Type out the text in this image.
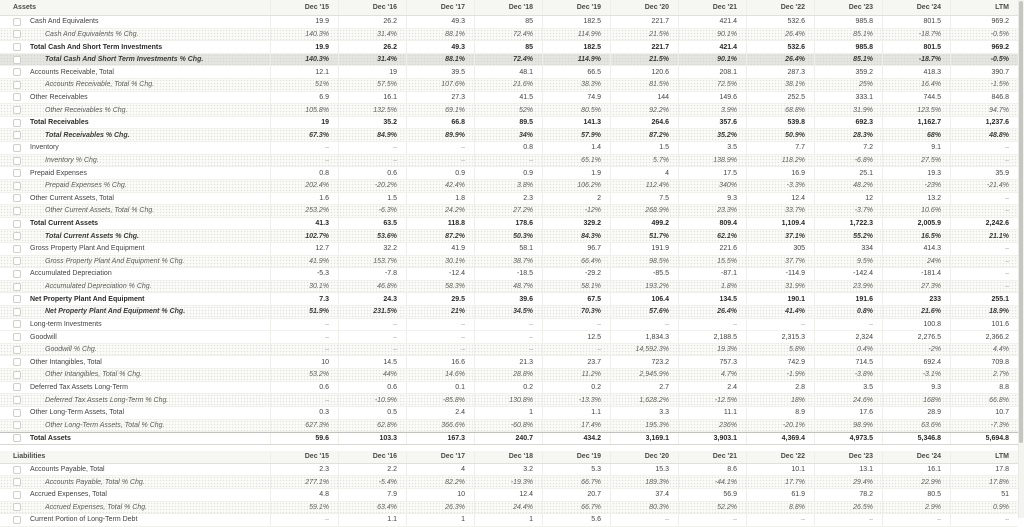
Assets	Dec '15	Dec '16	Dec '17	Dec '18	Dec '19	Dec '20	Dec '21	Dec '22	Dec '23	Dec '24	LTM
Cash And Equivalents	19.9	26.2	49.3	85	182.5	221.7	421.4	532.6	985.8	801.5	969.2
Cash And Equivalents % Chg.	140.3%	31.4%	88.1%	72.4%	114.9%	21.5%	90.1%	26.4%	85.1%	-18.7%	-0.5%
Total Cash And Short Term Investments	19.9	26.2	49.3	85	182.5	221.7	421.4	532.6	985.8	801.5	969.2
Total Cash And Short Term Investments % Chg.	140.3%	31.4%	88.1%	72.4%	114.9%	21.5%	90.1%	26.4%	85.1%	-18.7%	-0.5%
Accounts Receivable, Total	12.1	19	39.5	48.1	66.5	120.6	208.1	287.3	359.2	418.3	390.7
Accounts Receivable, Total % Chg.	51%	57.5%	107.6%	21.6%	38.3%	81.5%	72.5%	38.1%	25%	16.4%	-1.5%
Other Receivables	6.9	16.1	27.3	41.5	74.9	144	149.6	252.5	333.1	744.5	846.8
Other Receivables % Chg.	105.8%	132.5%	69.1%	52%	80.5%	92.2%	3.9%	68.8%	31.9%	123.5%	94.7%
Total Receivables	19	35.2	66.8	89.5	141.3	264.6	357.6	539.8	692.3	1,162.7	1,237.6
Total Receivables % Chg.	67.3%	84.9%	89.9%	34%	57.9%	87.2%	35.2%	50.9%	28.3%	68%	48.8%
Inventory	–	–	–	0.8	1.4	1.5	3.5	7.7	7.2	9.1	–
Inventory % Chg.	–	–	–	–	65.1%	5.7%	138.9%	118.2%	-6.8%	27.5%	–
Prepaid Expenses	0.8	0.6	0.9	0.9	1.9	4	17.5	16.9	25.1	19.3	35.9
Prepaid Expenses % Chg.	202.4%	-20.2%	42.4%	3.8%	106.2%	112.4%	340%	-3.3%	48.2%	-23%	-21.4%
Other Current Assets, Total	1.6	1.5	1.8	2.3	2	7.5	9.3	12.4	12	13.2	–
Other Current Assets, Total % Chg.	253.2%	-6.3%	24.2%	27.2%	-12%	268.9%	23.3%	33.7%	-3.7%	10.6%	–
Total Current Assets	41.3	63.5	118.8	178.6	329.2	499.2	809.4	1,109.4	1,722.3	2,005.9	2,242.6
Total Current Assets % Chg.	102.7%	53.6%	87.2%	50.3%	84.3%	51.7%	62.1%	37.1%	55.2%	16.5%	21.1%
Gross Property Plant And Equipment	12.7	32.2	41.9	58.1	96.7	191.9	221.6	305	334	414.3	–
Gross Property Plant And Equipment % Chg.	41.9%	153.7%	30.1%	38.7%	66.4%	98.5%	15.5%	37.7%	9.5%	24%	–
Accumulated Depreciation	-5.3	-7.8	-12.4	-18.5	-29.2	-85.5	-87.1	-114.9	-142.4	-181.4	–
Accumulated Depreciation % Chg.	30.1%	46.8%	58.3%	48.7%	58.1%	193.2%	1.8%	31.9%	23.9%	27.3%	–
Net Property Plant And Equipment	7.3	24.3	29.5	39.6	67.5	106.4	134.5	190.1	191.6	233	255.1
Net Property Plant And Equipment % Chg.	51.9%	231.5%	21%	34.5%	70.3%	57.6%	26.4%	41.4%	0.8%	21.6%	18.9%
Long-term Investments	–	–	–	–	–	–	–	–	–	100.8	101.6
Goodwill	–	–	–	–	12.5	1,834.3	2,188.5	2,315.3	2,324	2,276.5	2,366.2
Goodwill % Chg.	–	–	–	–	–	14,592.3%	19.3%	5.8%	0.4%	-2%	4.4%
Other Intangibles, Total	10	14.5	16.6	21.3	23.7	723.2	757.3	742.9	714.5	692.4	709.8
Other Intangibles, Total % Chg.	53.2%	44%	14.6%	28.8%	11.2%	2,945.9%	4.7%	-1.9%	-3.8%	-3.1%	2.7%
Deferred Tax Assets Long-Term	0.6	0.6	0.1	0.2	0.2	2.7	2.4	2.8	3.5	9.3	8.8
Deferred Tax Assets Long-Term % Chg.	–	-10.9%	-85.8%	130.8%	-13.3%	1,628.2%	-12.5%	18%	24.6%	168%	66.8%
Other Long-Term Assets, Total	0.3	0.5	2.4	1	1.1	3.3	11.1	8.9	17.6	28.9	10.7
Other Long-Term Assets, Total % Chg.	627.3%	62.8%	366.6%	-60.8%	17.4%	195.3%	236%	-20.1%	98.9%	63.6%	-7.3%
Total Assets	59.6	103.3	167.3	240.7	434.2	3,169.1	3,903.1	4,369.4	4,973.5	5,346.8	5,694.8
Liabilities	Dec '15	Dec '16	Dec '17	Dec '18	Dec '19	Dec '20	Dec '21	Dec '22	Dec '23	Dec '24	LTM
Accounts Payable, Total	2.3	2.2	4	3.2	5.3	15.3	8.6	10.1	13.1	16.1	17.8
Accounts Payable, Total % Chg.	277.1%	-5.4%	82.2%	-19.3%	66.7%	189.3%	-44.1%	17.7%	29.4%	22.9%	17.8%
Accrued Expenses, Total	4.8	7.9	10	12.4	20.7	37.4	56.9	61.9	78.2	80.5	51
Accrued Expenses, Total % Chg.	59.1%	63.4%	26.3%	24.4%	66.7%	80.3%	52.2%	8.8%	26.5%	2.9%	0.9%
Current Portion of Long-Term Debt	–	1.1	1	1	5.6	–	–	–	–	–	–
